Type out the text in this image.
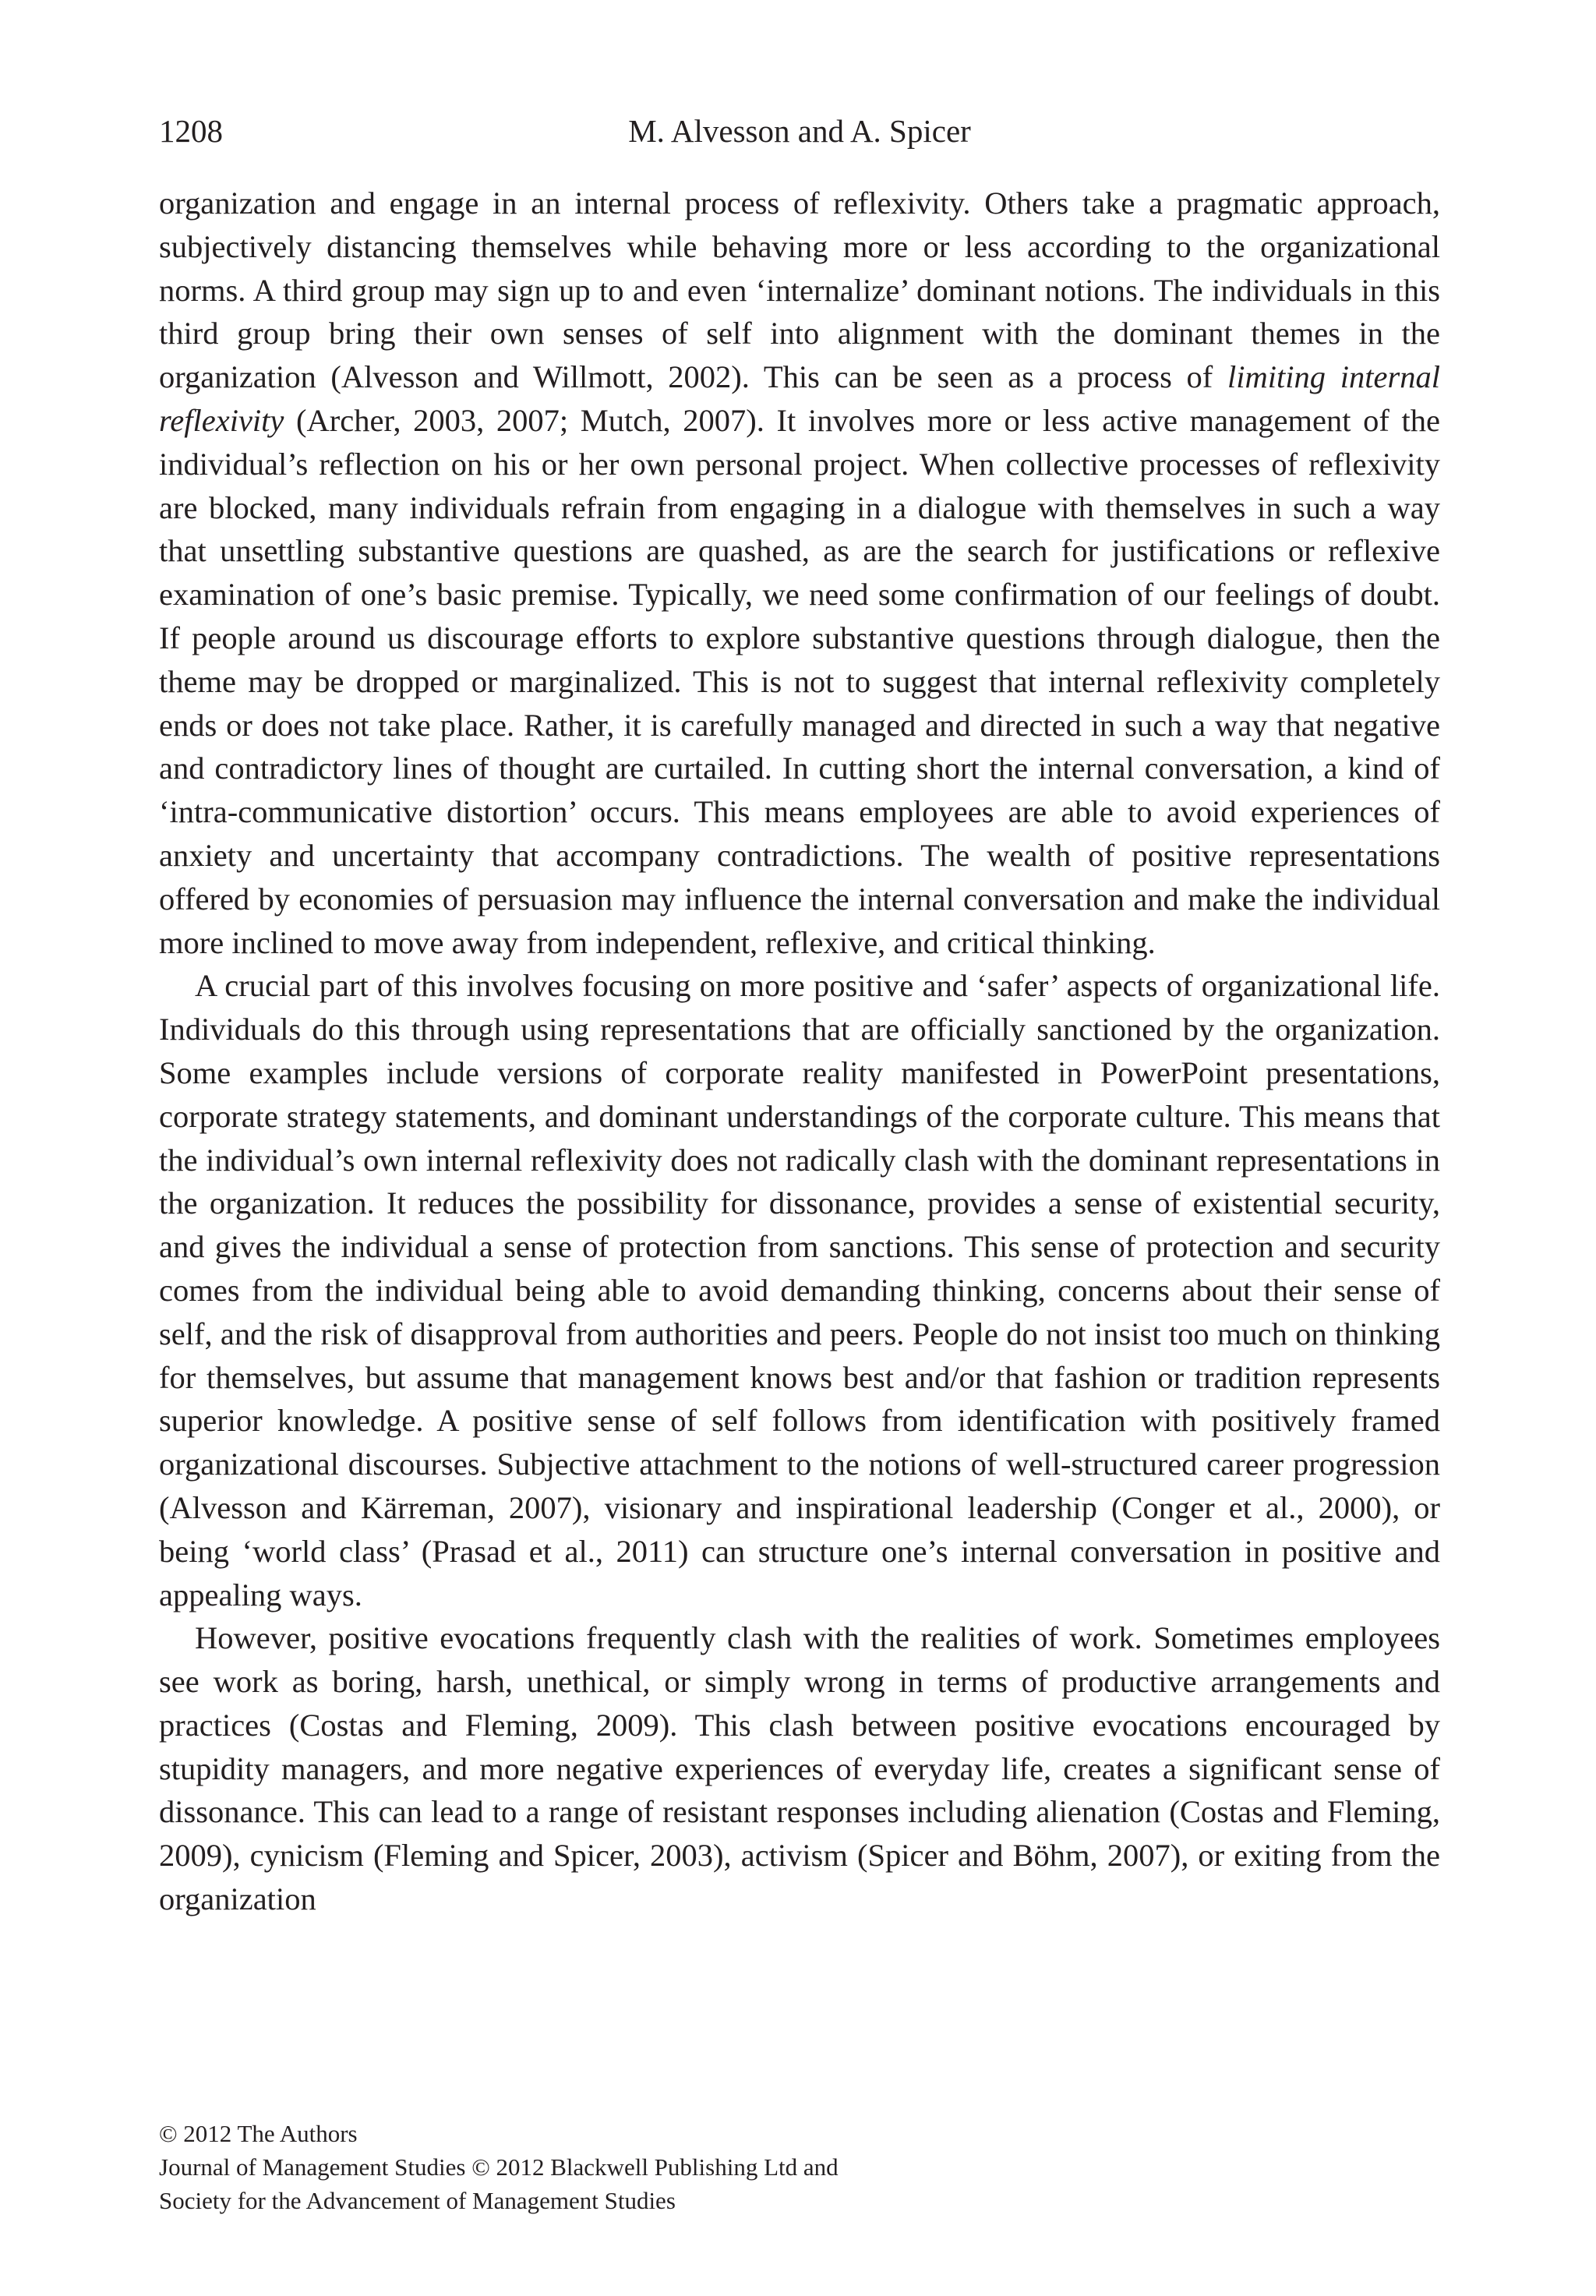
1208	M. Alvesson and A. Spicer

organization and engage in an internal process of reflexivity. Others take a pragmatic approach, subjectively distancing themselves while behaving more or less according to the organizational norms. A third group may sign up to and even ‘internalize’ dominant notions. The individuals in this third group bring their own senses of self into alignment with the dominant themes in the organization (Alvesson and Willmott, 2002). This can be seen as a process of limiting internal reflexivity (Archer, 2003, 2007; Mutch, 2007). It involves more or less active management of the individual’s reflection on his or her own personal project. When collective processes of reflexivity are blocked, many individuals refrain from engaging in a dialogue with themselves in such a way that unsettling substantive questions are quashed, as are the search for justifications or reflexive examination of one’s basic premise. Typically, we need some confirmation of our feelings of doubt. If people around us discourage efforts to explore substantive questions through dialogue, then the theme may be dropped or marginalized. This is not to suggest that internal reflexivity completely ends or does not take place. Rather, it is carefully managed and directed in such a way that negative and contradictory lines of thought are curtailed. In cutting short the internal conversation, a kind of ‘intra-communicative distortion’ occurs. This means employees are able to avoid experiences of anxiety and uncertainty that accompany contradictions. The wealth of positive representations offered by economies of persuasion may influence the internal conversation and make the individual more inclined to move away from independent, reflexive, and critical thinking.

A crucial part of this involves focusing on more positive and ‘safer’ aspects of organizational life. Individuals do this through using representations that are officially sanctioned by the organization. Some examples include versions of corporate reality manifested in PowerPoint presentations, corporate strategy statements, and dominant understandings of the corporate culture. This means that the individual’s own internal reflexivity does not radically clash with the dominant representations in the organization. It reduces the possibility for dissonance, provides a sense of existential security, and gives the individual a sense of protection from sanctions. This sense of protection and security comes from the individual being able to avoid demanding thinking, concerns about their sense of self, and the risk of disapproval from authorities and peers. People do not insist too much on thinking for themselves, but assume that management knows best and/or that fashion or tradition represents superior knowledge. A positive sense of self follows from identification with positively framed organizational discourses. Subjective attachment to the notions of well-structured career progression (Alvesson and Kärreman, 2007), visionary and inspirational leadership (Conger et al., 2000), or being ‘world class’ (Prasad et al., 2011) can structure one’s internal conversation in positive and appealing ways.

However, positive evocations frequently clash with the realities of work. Sometimes employees see work as boring, harsh, unethical, or simply wrong in terms of productive arrangements and practices (Costas and Fleming, 2009). This clash between positive evocations encouraged by stupidity managers, and more negative experiences of everyday life, creates a significant sense of dissonance. This can lead to a range of resistant responses including alienation (Costas and Fleming, 2009), cynicism (Fleming and Spicer, 2003), activism (Spicer and Böhm, 2007), or exiting from the organization

© 2012 The Authors
Journal of Management Studies © 2012 Blackwell Publishing Ltd and
Society for the Advancement of Management Studies
